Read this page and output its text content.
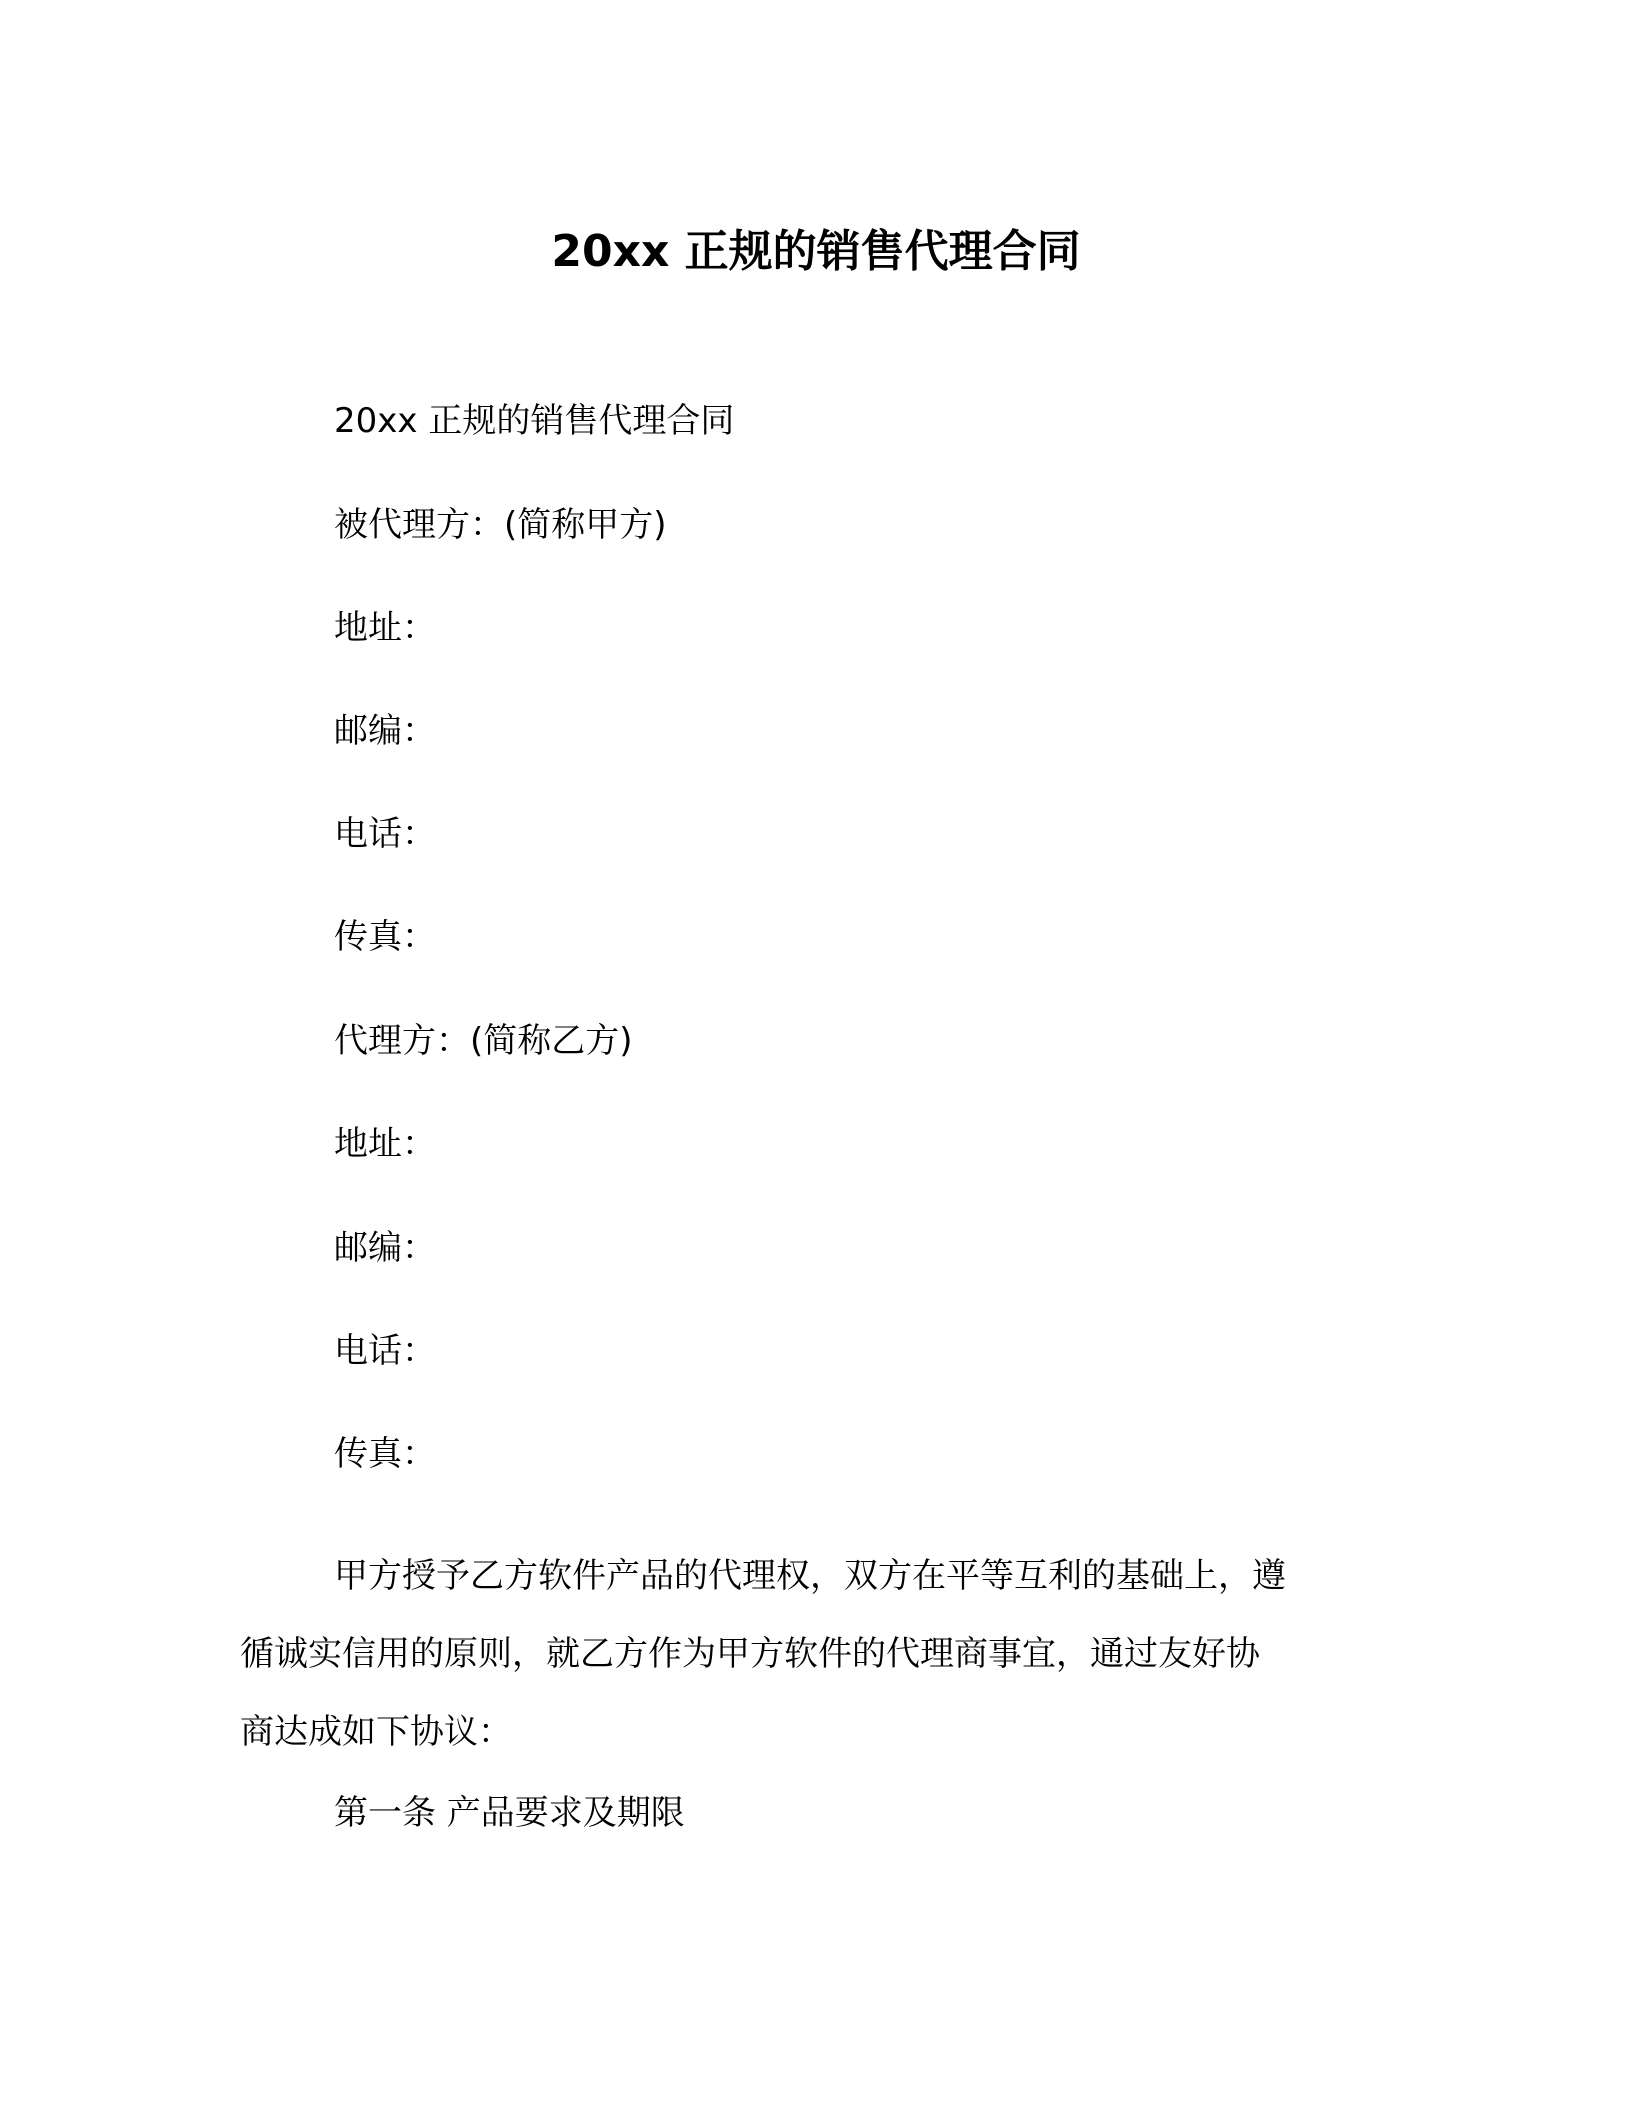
20xx 正规的销售代理合同
20xx 正规的销售代理合同
被代理方：(简称甲方)
地址：
邮编：
电话：
传真：
代理方：(简称乙方)
地址：
邮编：
电话：
传真：
甲方授予乙方软件产品的代理权，双方在平等互利的基础上，遵
循诚实信用的原则，就乙方作为甲方软件的代理商事宜，通过友好协
商达成如下协议：
第一条 产品要求及期限
